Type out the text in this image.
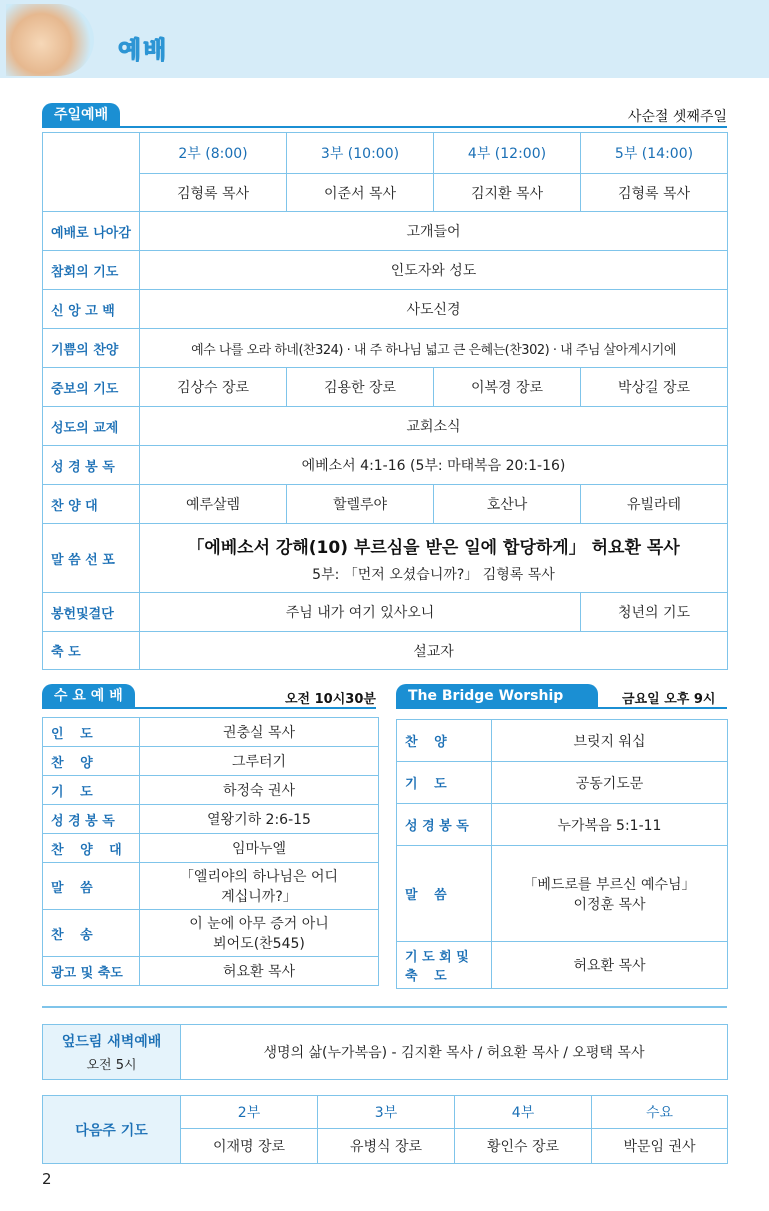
예배
주일예배	사순절 셋째주일
	2부 (8:00)	3부 (10:00)	4부 (12:00)	5부 (14:00)
	김형록 목사	이준서 목사	김지환 목사	김형록 목사
예배로 나아감	고개들어			
참회의 기도	인도자와 성도			
신 앙 고 백	사도신경			
기쁨의 찬양	예수 나를 오라 하네(찬324) · 내 주 하나님 넓고 큰 은혜는(찬302) · 내 주님 살아계시기에			
중보의 기도	김상수 장로	김용한 장로	이복경 장로	박상길 장로
성도의 교제	교회소식			
성 경 봉 독	에베소서 4:1-16 (5부: 마태복음 20:1-16)			
찬 양 대	예루살렘	할렐루야	호산나	유빌라테
말 씀 선 포	「에베소서 강해(10) 부르심을 받은 일에 합당하게」 허요환 목사
5부: 「먼저 오셨습니까?」 김형록 목사			

봉헌및결단	주님 내가 여기 있사오니			청년의 기도
축 도	설교자			
수 요 예 배	오전 10시30분
인 도	권충실 목사
찬 양	그루터기
기 도	하정숙 권사
성 경 봉 독	열왕기하 2:6-15
찬 양 대	임마누엘
말 씀	「엘리야의 하나님은 어디
계십니까?」

찬 송	이 눈에 아무 증거 아니
뵈어도(찬545)

광고 및 축도	허요환 목사
The Bridge Worship	금요일 오후 9시
찬 양	브릿지 워십
기 도	공동기도문
성 경 봉 독	누가복음 5:1-11
말 씀	「베드로를 부르신 예수님」
이정훈 목사

기 도 회 및
축 도	허요환 목사
엎드림 새벽예배
오전 5시
	생명의 삶(누가복음) - 김지환 목사 / 허요환 목사 / 오평택 목사
다음주 기도	2부	3부	4부	수요
	이재명 장로	유병식 장로	황인수 장로	박문임 권사
2
